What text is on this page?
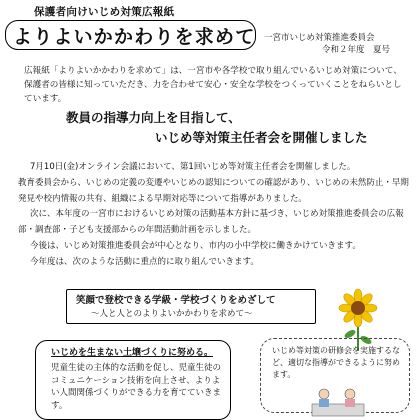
保護者向けいじめ対策広報紙
よりよいかかわりを求めて 一宮市いじめ対策推進委員会
令和２年度　夏号
広報紙「よりよいかかわりを求めて」は、一宮市や各学校で取り組んでいるいじめ対策について、保護者の皆様に知っていただき、力を合わせて安心・安全な学校をつくっていくことをねらいとしています。
教員の指導力向上を目指して、
いじめ等対策主任者会を開催しました

7月10日(金)オンライン会議において、第1回いじめ等対策主任者会を開催しました。

教育委員会から、いじめの定義の変遷やいじめの認知についての確認があり、いじめの未然防止・早期発見や校内情報の共有、組織による早期対応等について指導がありました。

次に、本年度の一宮市におけるいじめ対策の活動基本方針に基づき、いじめ対策推進委員会の広報部・調査部・子ども支援部からの年間活動計画を示しました。

今後は、いじめ対策推進委員会が中心となり、市内の小中学校に働きかけていきます。

今年度は、次のような活動に重点的に取り組んでいきます。

笑顔で登校できる学級・学校づくりをめざして
～人と人とのよりよいかかわりを求めて～
いじめを生まない土壌づくりに努める。
児童生徒の主体的な活動を促し、児童生徒のコミュニケーション技術を向上させ、よりよい人間関係づくりができる力を育てていきます。
いじめ等対策の研修会を実施するなど、適切な指導ができるように努めます。
